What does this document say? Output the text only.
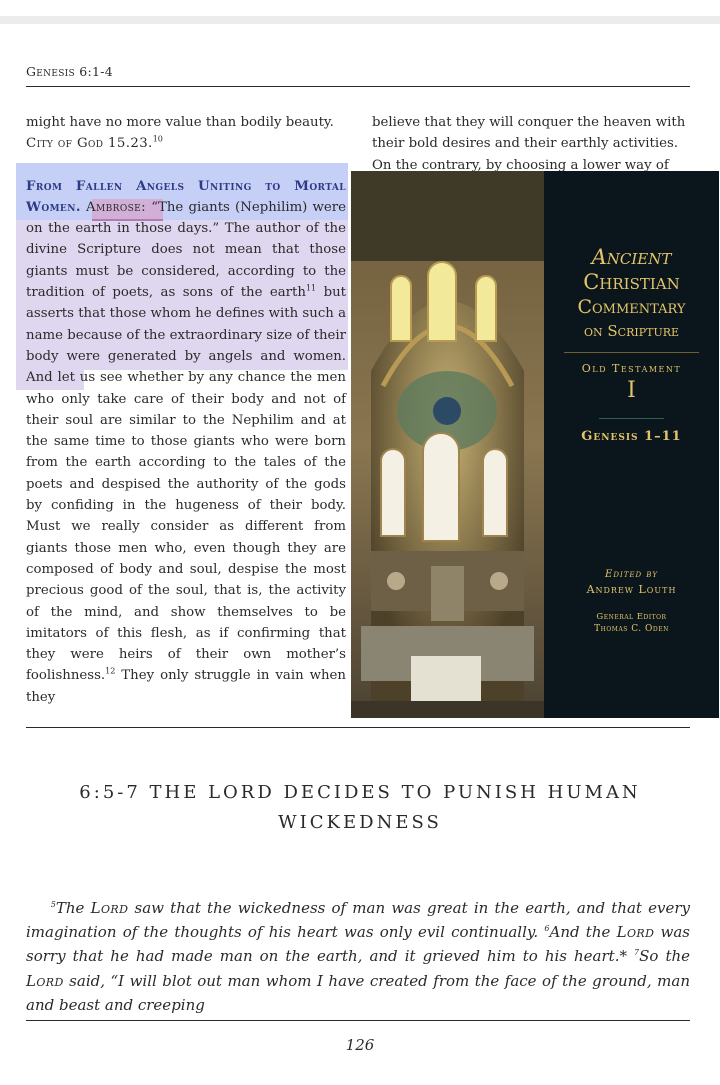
Genesis 6:1-4

might have no more value than bodily beauty. City of God 15.23.10

From Fallen Angels Uniting to Mortal Women. Ambrose: “The giants (Nephilim) were on the earth in those days.” The author of the divine Scripture does not mean that those giants must be considered, according to the tradition of poets, as sons of the earth$^{11}$ but asserts that those whom he defines with such a name because of the extraordinary size of their body were generated by angels and women. And let us see whether by any chance the men who only take care of their body and not of their soul are similar to the Nephilim and at the same time to those giants who were born from the earth according to the tales of the poets and despised the authority of the gods by confiding in the hugeness of their body. Must we really consider as different from giants those men who, even though they are composed of body and soul, despise the most precious good of the soul, that is, the activity of the mind, and show themselves to be imitators of this flesh, as if confirming that they were heirs of their own mother’s foolishness.$^{12}$ They only struggle in vain when they

believe that they will conquer the heaven with their bold desires and their earthly activities. On the contrary, by choosing a lower way of

Ancient
Christian
Commentary
on Scripture
Old Testament
I
Genesis 1–11
Edited by
Andrew Louth
General Editor
Thomas C. Oden
6:5-7 THE LORD DECIDES TO PUNISH HUMAN WICKEDNESS
$^5$The Lord saw that the wickedness of man was great in the earth, and that every imagination of the thoughts of his heart was only evil continually. $^6$And the Lord was sorry that he had made man on the earth, and it grieved him to his heart.* $^7$So the Lord said, “I will blot out man whom I have created from the face of the ground, man and beast and creeping
126
